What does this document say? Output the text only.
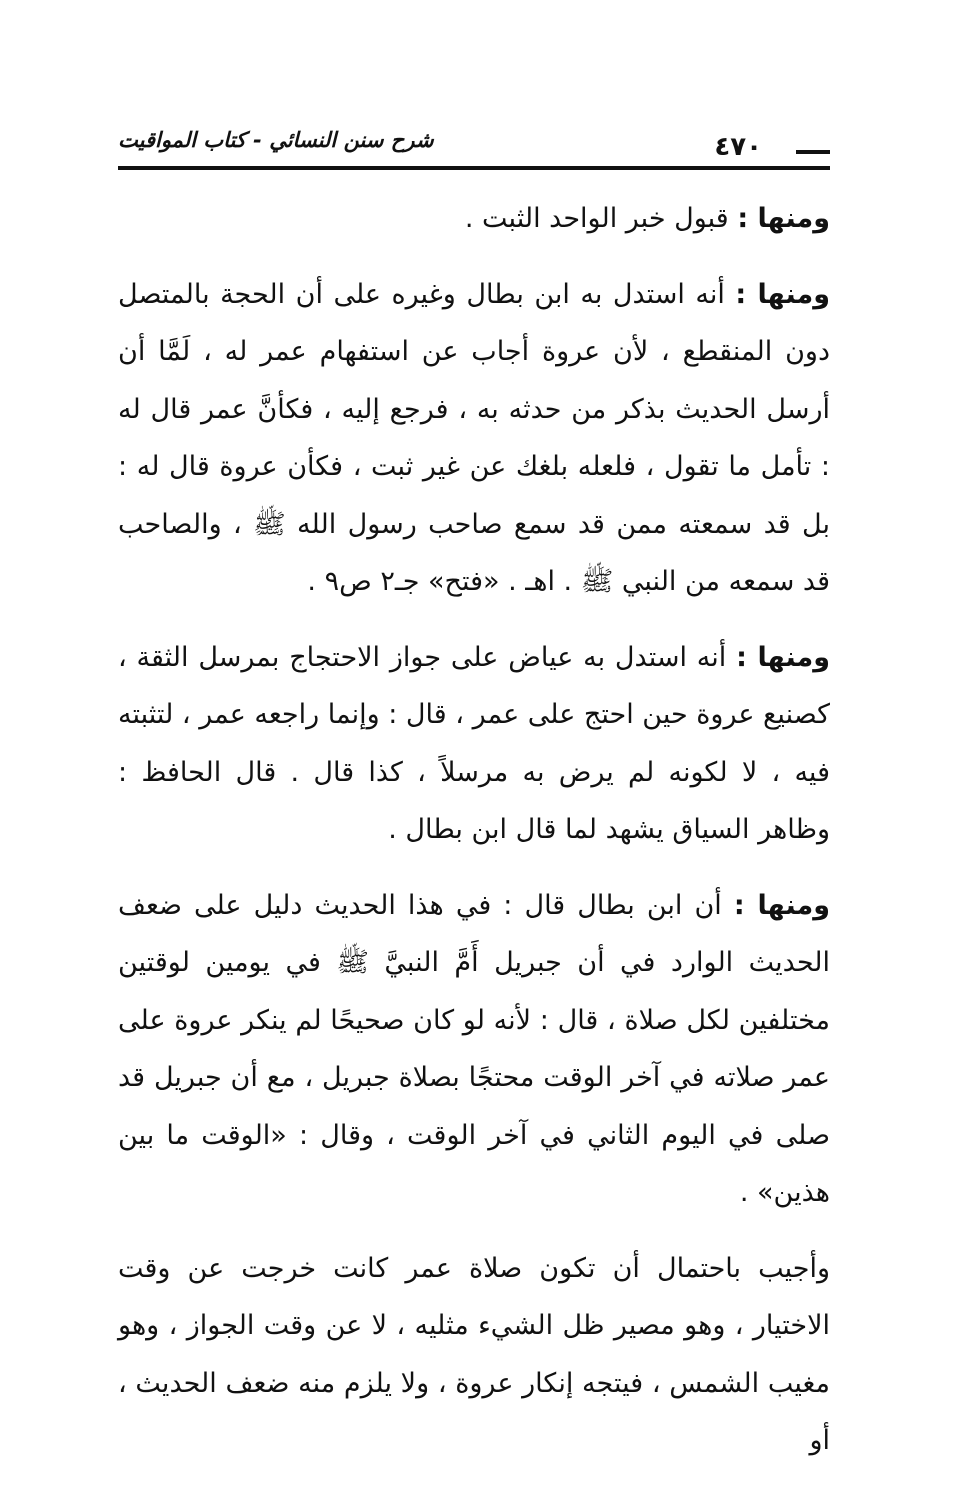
شرح سنن النسائي - كتاب المواقيت	٤٧٠

ومنها : قبول خبر الواحد الثبت .

ومنها : أنه استدل به ابن بطال وغيره على أن الحجة بالمتصل دون المنقطع ، لأن عروة أجاب عن استفهام عمر له ، لَمَّا أن أرسل الحديث بذكر من حدثه به ، فرجع إليه ، فكأنَّ عمر قال له : تأمل ما تقول ، فلعله بلغك عن غير ثبت ، فكأن عروة قال له : بل قد سمعته ممن قد سمع صاحب رسول الله ﷺ ، والصاحب قد سمعه من النبي ﷺ . اهـ . «فتح» جـ٢ ص٩ .

ومنها : أنه استدل به عياض على جواز الاحتجاج بمرسل الثقة ، كصنيع عروة حين احتج على عمر ، قال : وإنما راجعه عمر ، لتثبته فيه ، لا لكونه لم يرض به مرسلاً ، كذا قال . قال الحافظ : وظاهر السياق يشهد لما قال ابن بطال .

ومنها : أن ابن بطال قال : في هذا الحديث دليل على ضعف الحديث الوارد في أن جبريل أَمَّ النبيَّ ﷺ في يومين لوقتين مختلفين لكل صلاة ، قال : لأنه لو كان صحيحًا لم ينكر عروة على عمر صلاته في آخر الوقت محتجًا بصلاة جبريل ، مع أن جبريل قد صلى في اليوم الثاني في آخر الوقت ، وقال : «الوقت ما بين هذين» .

وأجيب باحتمال أن تكون صلاة عمر كانت خرجت عن وقت الاختيار ، وهو مصير ظل الشيء مثليه ، لا عن وقت الجواز ، وهو مغيب الشمس ، فيتجه إنكار عروة ، ولا يلزم منه ضعف الحديث ، أو
